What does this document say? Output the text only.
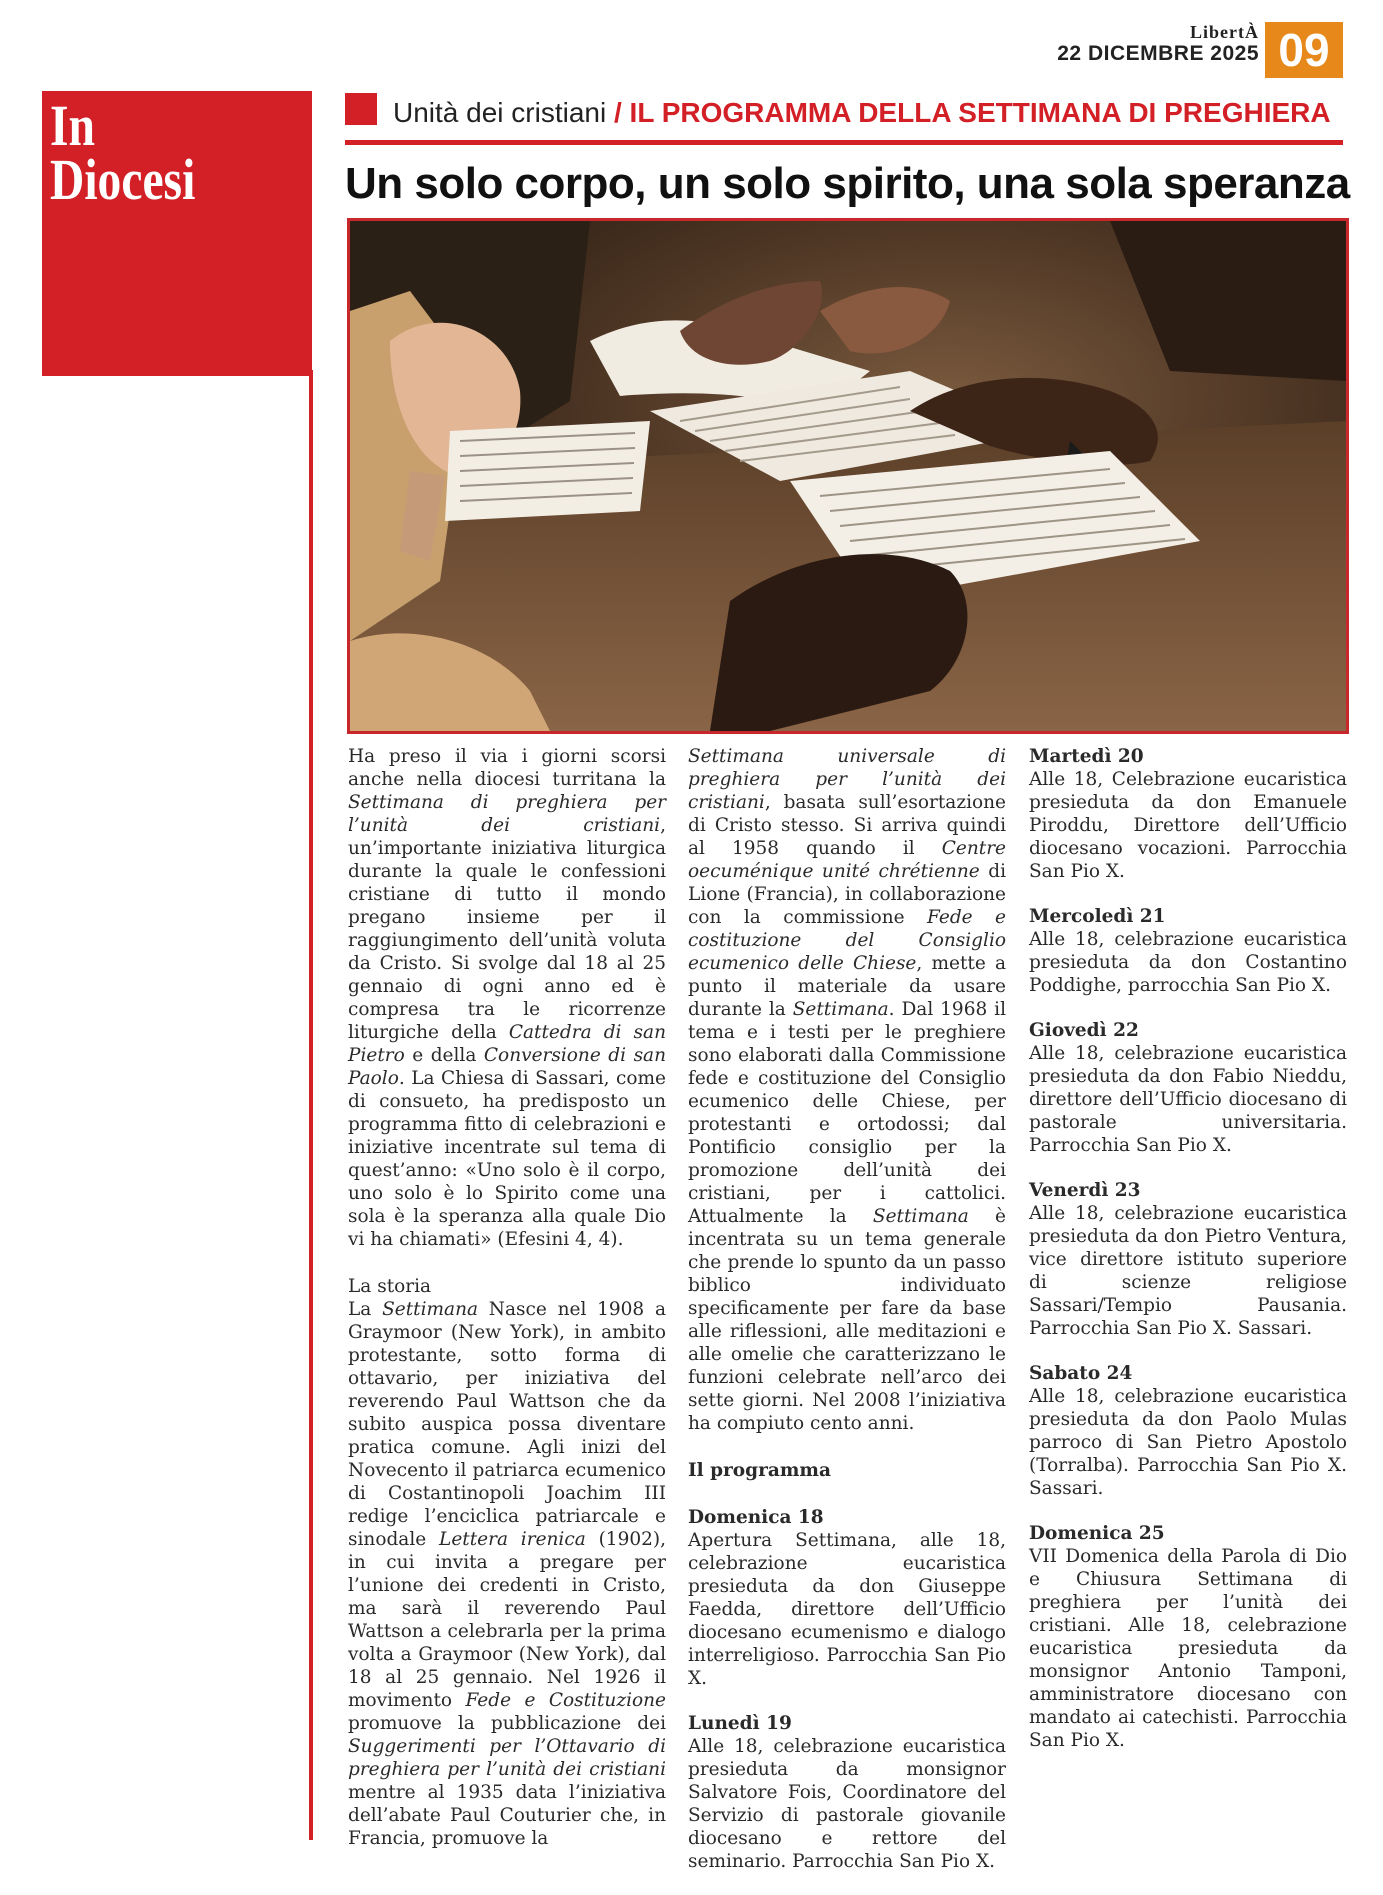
LibertÀ
22 DICEMBRE 2025 09
In
Diocesi
Unità dei cristiani / IL PROGRAMMA DELLA SETTIMANA DI PREGHIERA
Un solo corpo, un solo spirito, una sola speranza

Ha preso il via i giorni scorsi anche nella diocesi turritana la Settimana di preghiera per l’unità dei cristiani, un’importante iniziativa liturgica durante la quale le confessioni cristiane di tutto il mondo pregano insieme per il raggiungimento dell’unità voluta da Cristo. Si svolge dal 18 al 25 gennaio di ogni anno ed è compresa tra le ricorrenze liturgiche della Cattedra di san Pietro e della Conversione di san Paolo. La Chiesa di Sassari, come di consueto, ha predisposto un programma fitto di celebrazioni e iniziative incentrate sul tema di quest’anno: «Uno solo è il corpo, uno solo è lo Spirito come una sola è la speranza alla quale Dio vi ha chiamati» (Efesini 4, 4).

La storia

La Settimana Nasce nel 1908 a Graymoor (New York), in ambito protestante, sotto forma di ottavario, per iniziativa del reverendo Paul Wattson che da subito auspica possa diventare pratica comune. Agli inizi del Novecento il patriarca ecumenico di Costantinopoli Joachim III redige l’enciclica patriarcale e sinodale Lettera irenica (1902), in cui invita a pregare per l’unione dei credenti in Cristo, ma sarà il reverendo Paul Wattson a celebrarla per la prima volta a Graymoor (New York), dal 18 al 25 gennaio. Nel 1926 il movimento Fede e Costituzione promuove la pubblicazione dei Suggerimenti per l’Ottavario di preghiera per l’unità dei cristiani mentre al 1935 data l’iniziativa dell’abate Paul Couturier che, in Francia, promuove la

Settimana universale di preghiera per l’unità dei cristiani, basata sull’esortazione di Cristo stesso. Si arriva quindi al 1958 quando il Centre oecuménique unité chrétienne di Lione (Francia), in collaborazione con la commissione Fede e costituzione del Consiglio ecumenico delle Chiese, mette a punto il materiale da usare durante la Settimana. Dal 1968 il tema e i testi per le preghiere sono elaborati dalla Commissione fede e costituzione del Consiglio ecumenico delle Chiese, per protestanti e ortodossi; dal Pontificio consiglio per la promozione dell’unità dei cristiani, per i cattolici. Attualmente la Settimana è incentrata su un tema generale che prende lo spunto da un passo biblico individuato specificamente per fare da base alle riflessioni, alle meditazioni e alle omelie che caratterizzano le funzioni celebrate nell’arco dei sette giorni. Nel 2008 l’iniziativa ha compiuto cento anni.

Il programma

Domenica 18
Apertura Settimana, alle 18, celebrazione eucaristica presieduta da don Giuseppe Faedda, direttore dell’Ufficio diocesano ecumenismo e dialogo interreligioso. Parrocchia San Pio X.
Lunedì 19
Alle 18, celebrazione eucaristica presieduta da monsignor Salvatore Fois, Coordinatore del Servizio di pastorale giovanile diocesano e rettore del seminario. Parrocchia San Pio X.
Martedì 20
Alle 18, Celebrazione eucaristica presieduta da don Emanuele Piroddu, Direttore dell’Ufficio diocesano vocazioni. Parrocchia San Pio X.
Mercoledì 21
Alle 18, celebrazione eucaristica presieduta da don Costantino Poddighe, parrocchia San Pio X.
Giovedì 22
Alle 18, celebrazione eucaristica presieduta da don Fabio Nieddu, direttore dell’Ufficio diocesano di pastorale universitaria. Parrocchia San Pio X.
Venerdì 23
Alle 18, celebrazione eucaristica presieduta da don Pietro Ventura, vice direttore istituto superiore di scienze religiose Sassari/Tempio Pausania. Parrocchia San Pio X. Sassari.
Sabato 24
Alle 18, celebrazione eucaristica presieduta da don Paolo Mulas parroco di San Pietro Apostolo (Torralba). Parrocchia San Pio X. Sassari.
Domenica 25
VII Domenica della Parola di Dio e Chiusura Settimana di preghiera per l’unità dei cristiani. Alle 18, celebrazione eucaristica presieduta da monsignor Antonio Tamponi, amministratore diocesano con mandato ai catechisti. Parrocchia San Pio X.
